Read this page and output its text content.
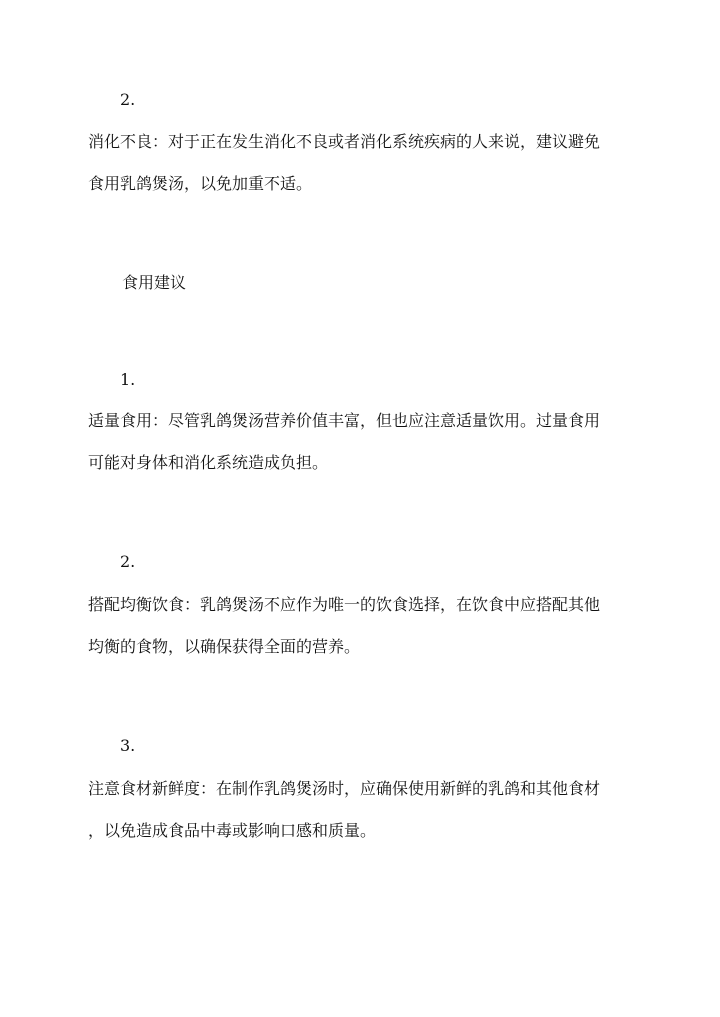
2.
消化不良：对于正在发生消化不良或者消化系统疾病的人来说，建议避免
食用乳鸽煲汤，以免加重不适。
食用建议
1.
适量食用：尽管乳鸽煲汤营养价值丰富，但也应注意适量饮用。过量食用
可能对身体和消化系统造成负担。
2.
搭配均衡饮食：乳鸽煲汤不应作为唯一的饮食选择，在饮食中应搭配其他
均衡的食物，以确保获得全面的营养。
3.
注意食材新鲜度：在制作乳鸽煲汤时，应确保使用新鲜的乳鸽和其他食材
，以免造成食品中毒或影响口感和质量。
